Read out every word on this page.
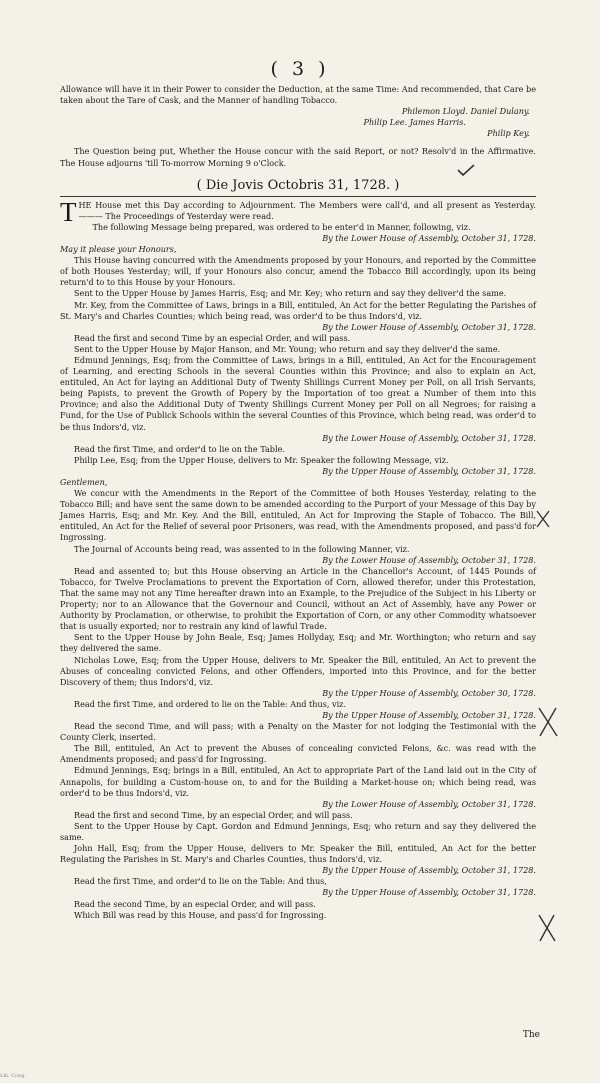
( 3 )

Allowance will have it in their Power to consider the Deduction, at the same Time: And recommended, that Care be taken about the Tare of Cask, and the Manner of handling Tobacco.

Philemon Lloyd. Daniel Dulany.

Philip Lee. James Harris.

Philip Key.

The Question being put, Whether the House concur with the said Report, or not? Resolv'd in the Affirmative. The House adjourns 'till To-morrow Morning 9 o'Clock.

( Die Jovis Octobris 31, 1728. )

T HE House met this Day according to Adjournment. The Members were call'd, and all present as Yesterday. ——— The Proceedings of Yesterday were read.

The following Message being prepared, was ordered to be enter'd in Manner, following, viz.

By the Lower House of Assembly, October 31, 1728.

May it please your Honours,

This House having concurred with the Amendments proposed by your Honours, and reported by the Committee of both Houses Yesterday; will, if your Honours also concur, amend the Tobacco Bill accordingly, upon its being return'd to to this House by your Honours.

Sent to the Upper House by James Harris, Esq; and Mr. Key; who return and say they deliver'd the same.

Mr. Key, from the Committee of Laws, brings in a Bill, entituled, An Act for the better Regulating the Parishes of St. Mary's and Charles Counties; which being read, was order'd to be thus Indors'd, viz.

By the Lower House of Assembly, October 31, 1728.

Read the first and second Time by an especial Order, and will pass.

Sent to the Upper House by Major Hanson, and Mr. Young; who return and say they deliver'd the same.

Edmund Jennings, Esq; from the Committee of Laws, brings in a Bill, entituled, An Act for the Encouragement of Learning, and erecting Schools in the several Counties within this Province; and also to explain an Act, entituled, An Act for laying an Additional Duty of Twenty Shillings Current Money per Poll, on all Irish Servants, being Papists, to prevent the Growth of Popery by the Importation of too great a Number of them into this Province; and also the Additional Duty of Twenty Shillings Current Money per Poll on all Negroes; for raising a Fund, for the Use of Publick Schools within the several Counties of this Province, which being read, was order'd to be thus Indors'd, viz.

By the Lower House of Assembly, October 31, 1728.

Read the first Time, and order'd to lie on the Table.

Philip Lee, Esq; from the Upper House, delivers to Mr. Speaker the following Message, viz.

By the Upper House of Assembly, October 31, 1728.

Gentlemen,

We concur with the Amendments in the Report of the Committee of both Houses Yesterday, relating to the Tobacco Bill; and have sent the same down to be amended according to the Purport of your Message of this Day by James Harris, Esq; and Mr. Key. And the Bill, entituled, An Act for Improving the Staple of Tobacco. The Bill, entituled, An Act for the Relief of several poor Prisoners, was read, with the Amendments proposed, and pass'd for Ingrossing.

The Journal of Accounts being read, was assented to in the following Manner, viz.

By the Lower House of Assembly, October 31, 1728.

Read and assented to; but this House observing an Article in the Chancellor's Account, of 1445 Pounds of Tobacco, for Twelve Proclamations to prevent the Exportation of Corn, allowed therefor, under this Protestation, That the same may not any Time hereafter drawn into an Example, to the Prejudice of the Subject in his Liberty or Property; nor to an Allowance that the Governour and Council, without an Act of Assembly, have any Power or Authority by Proclamation, or otherwise, to prohibit the Exportation of Corn, or any other Commodity whatsoever that is usually exported; nor to restrain any kind of lawful Trade.

Sent to the Upper House by John Beale, Esq; James Hollyday, Esq; and Mr. Worthington; who return and say they delivered the same.

Nicholas Lowe, Esq; from the Upper House, delivers to Mr. Speaker the Bill, entituled, An Act to prevent the Abuses of concealing convicted Felons, and other Offenders, imported into this Province, and for the better Discovery of them; thus Indors'd, viz.

By the Upper House of Assembly, October 30, 1728.

Read the first Time, and ordered to lie on the Table: And thus, viz.

By the Upper House of Assembly, October 31, 1728.

Read the second Time, and will pass; with a Penalty on the Master for not lodging the Testimonial with the County Clerk, inserted.

The Bill, entituled, An Act to prevent the Abuses of concealing convicted Felons, &c. was read with the Amendments proposed; and pass'd for Ingrossing.

Edmund Jennings, Esq; brings in a Bill, entituled, An Act to appropriate Part of the Land laid out in the City of Annapolis, for building a Custom-house on, to and for the Building a Market-house on; which being read, was order'd to be thus Indors'd, viz.

By the Lower House of Assembly, October 31, 1728.

Read the first and second Time, by an especial Order, and will pass.

Sent to the Upper House by Capt. Gordon and Edmund Jennings, Esq; who return and say they delivered the same.

John Hall, Esq; from the Upper House, delivers to Mr. Speaker the Bill, entituled, An Act for the better Regulating the Parishes in St. Mary's and Charles Counties, thus Indors'd, viz.

By the Upper House of Assembly, October 31, 1728.

Read the first Time, and order'd to lie on the Table: And thus,

By the Upper House of Assembly, October 31, 1728.

Read the second Time, by an especial Order, and will pass.

Which Bill was read by this House, and pass'd for Ingrossing.

The
Lib. Cong.
